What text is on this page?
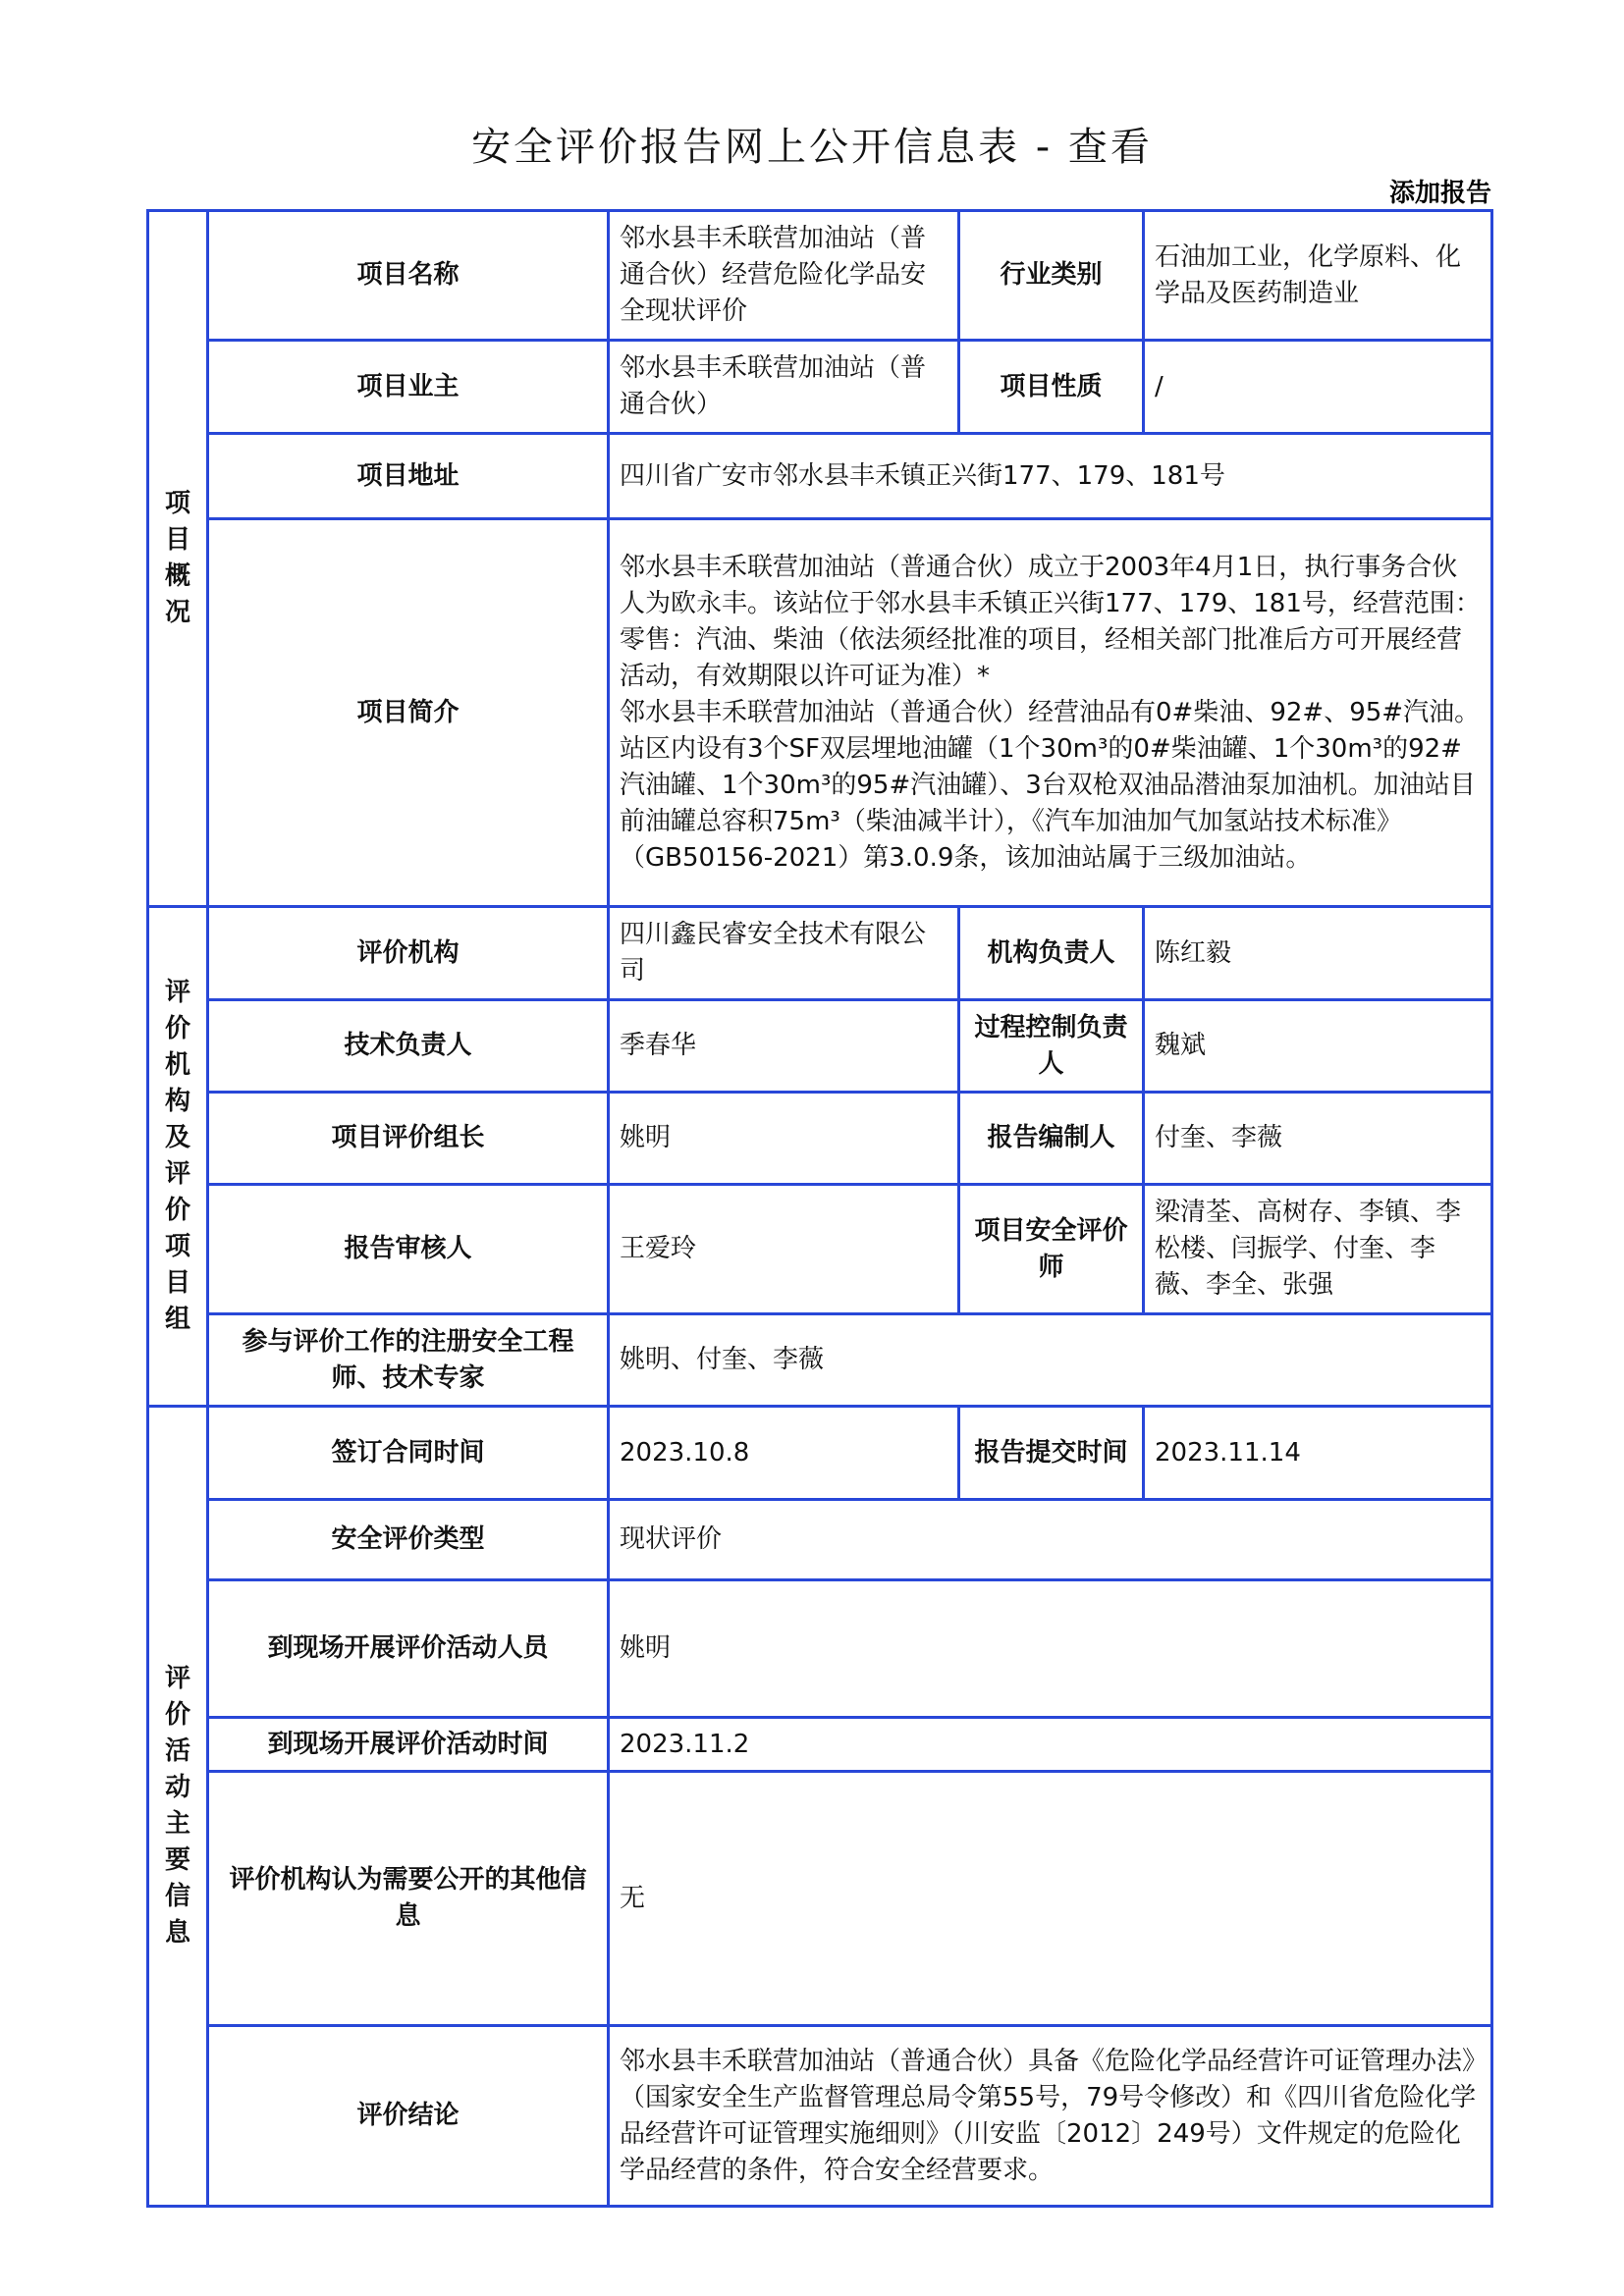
安全评价报告网上公开信息表 - 查看
添加报告
项目概况	项目名称	邻水县丰禾联营加油站（普通合伙）经营危险化学品安全现状评价	行业类别	石油加工业，化学原料、化学品及医药制造业
	项目业主	邻水县丰禾联营加油站（普通合伙）	项目性质	/
	项目地址	四川省广安市邻水县丰禾镇正兴街177、179、181号		
	项目简介	邻水县丰禾联营加油站（普通合伙）成立于2003年4月1日，执行事务合伙人为欧永丰。该站位于邻水县丰禾镇正兴街177、179、181号，经营范围：零售：汽油、柴油（依法须经批准的项目，经相关部门批准后方可开展经营活动，有效期限以许可证为准）*
邻水县丰禾联营加油站（普通合伙）经营油品有0#柴油、92#、95#汽油。站区内设有3个SF双层埋地油罐（1个30m³的0#柴油罐、1个30m³的92#汽油罐、1个30m³的95#汽油罐）、3台双枪双油品潜油泵加油机。加油站目前油罐总容积75m³（柴油减半计），《汽车加油加气加氢站技术标准》（GB50156-2021）第3.0.9条，该加油站属于三级加油站。		

评价机构及评价项目组	评价机构	四川鑫民睿安全技术有限公司	机构负责人	陈红毅
	技术负责人	季春华	过程控制负责人	魏斌
	项目评价组长	姚明	报告编制人	付奎、李薇
	报告审核人	王爱玲	项目安全评价师	梁清荃、高树存、李镇、李松楼、闫振学、付奎、李薇、李全、张强
	参与评价工作的注册安全工程师、技术专家	姚明、付奎、李薇		

评价活动主要信息	签订合同时间	2023.10.8	报告提交时间	2023.11.14
	安全评价类型	现状评价		
	到现场开展评价活动人员	姚明		
	到现场开展评价活动时间	2023.11.2		
	评价机构认为需要公开的其他信息	无		
	评价结论	邻水县丰禾联营加油站（普通合伙）具备《危险化学品经营许可证管理办法》（国家安全生产监督管理总局令第55号，79号令修改）和《四川省危险化学品经营许可证管理实施细则》（川安监〔2012〕249号）文件规定的危险化学品经营的条件，符合安全经营要求。		
